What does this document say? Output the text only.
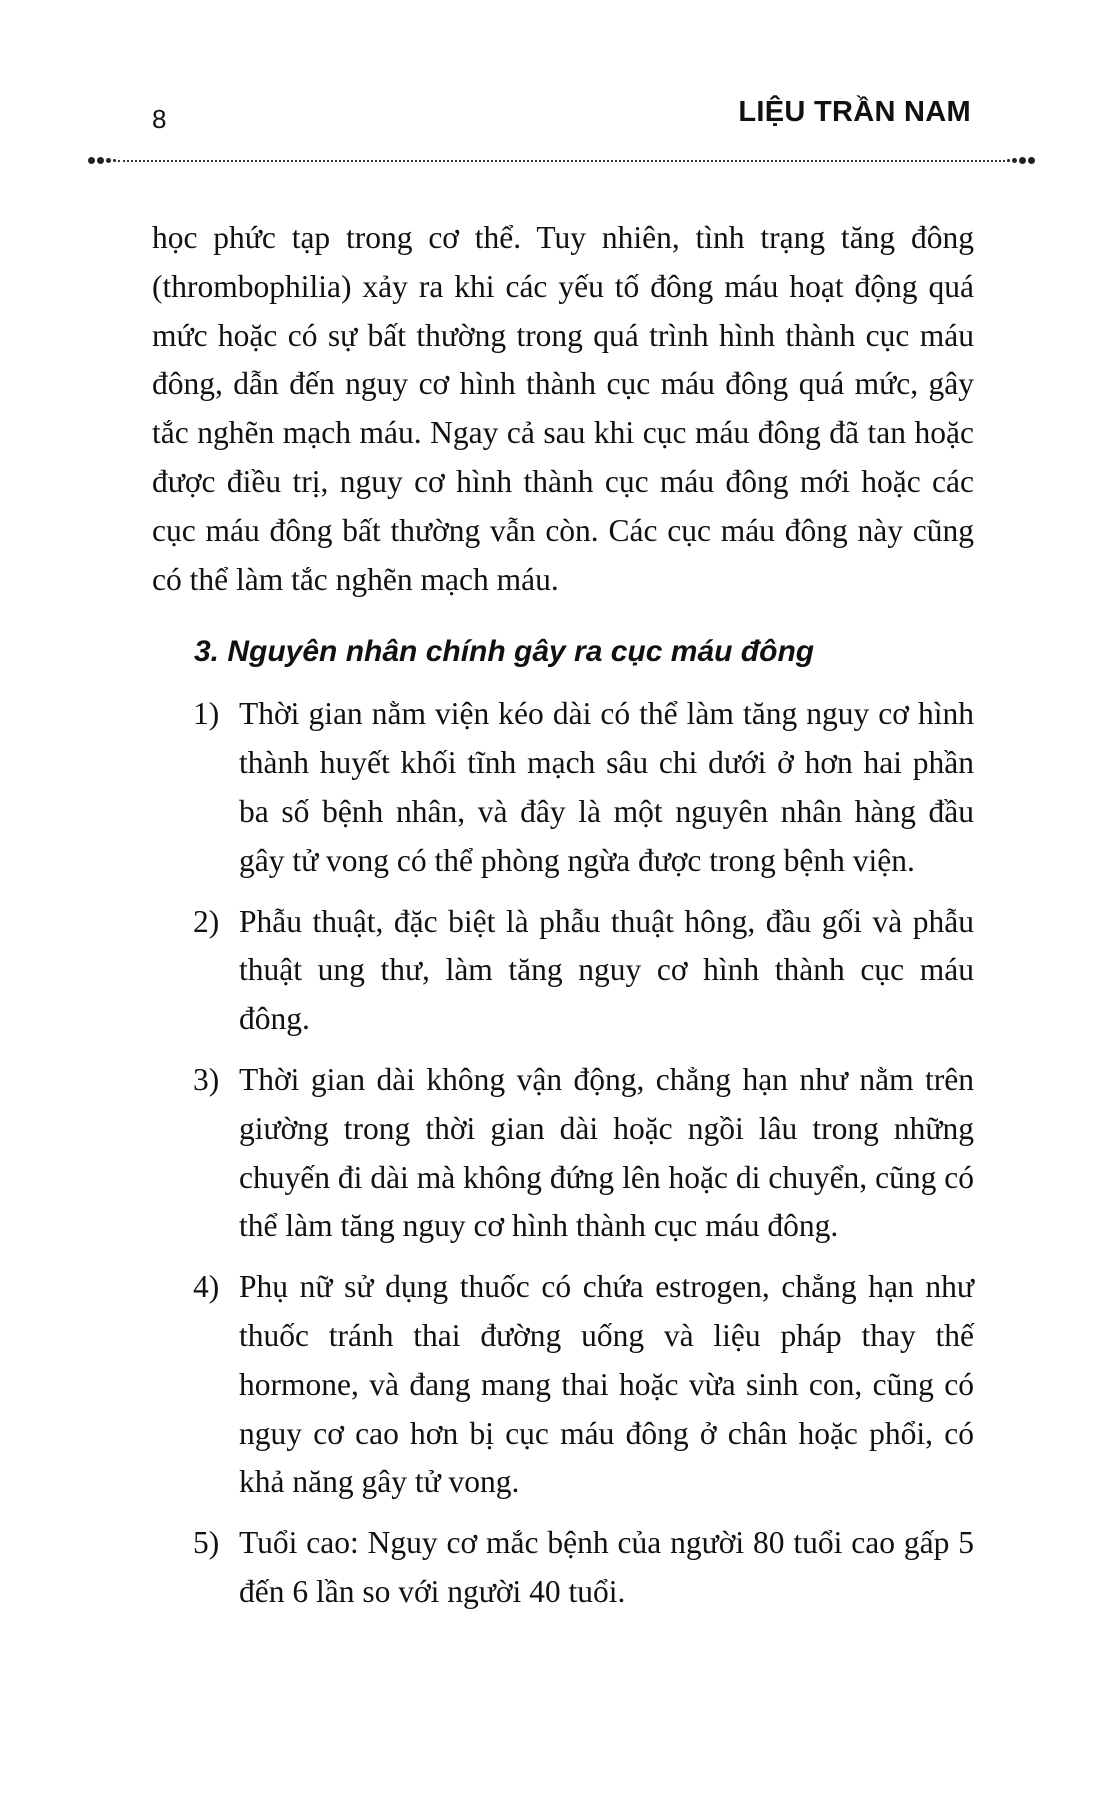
8	LIỆU TRẦN NAM

học phức tạp trong cơ thể. Tuy nhiên, tình trạng tăng đông (thrombophilia) xảy ra khi các yếu tố đông máu hoạt động quá mức hoặc có sự bất thường trong quá trình hình thành cục máu đông, dẫn đến nguy cơ hình thành cục máu đông quá mức, gây tắc nghẽn mạch máu. Ngay cả sau khi cục máu đông đã tan hoặc được điều trị, nguy cơ hình thành cục máu đông mới hoặc các cục máu đông bất thường vẫn còn. Các cục máu đông này cũng có thể làm tắc nghẽn mạch máu.

3. Nguyên nhân chính gây ra cục máu đông
1) Thời gian nằm viện kéo dài có thể làm tăng nguy cơ hình thành huyết khối tĩnh mạch sâu chi dưới ở hơn hai phần ba số bệnh nhân, và đây là một nguyên nhân hàng đầu gây tử vong có thể phòng ngừa được trong bệnh viện.

2) Phẫu thuật, đặc biệt là phẫu thuật hông, đầu gối và phẫu thuật ung thư, làm tăng nguy cơ hình thành cục máu đông.

3) Thời gian dài không vận động, chẳng hạn như nằm trên giường trong thời gian dài hoặc ngồi lâu trong những chuyến đi dài mà không đứng lên hoặc di chuyển, cũng có thể làm tăng nguy cơ hình thành cục máu đông.

4) Phụ nữ sử dụng thuốc có chứa estrogen, chẳng hạn như thuốc tránh thai đường uống và liệu pháp thay thế hormone, và đang mang thai hoặc vừa sinh con, cũng có nguy cơ cao hơn bị cục máu đông ở chân hoặc phổi, có khả năng gây tử vong.

5) Tuổi cao: Nguy cơ mắc bệnh của người 80 tuổi cao gấp 5 đến 6 lần so với người 40 tuổi.
